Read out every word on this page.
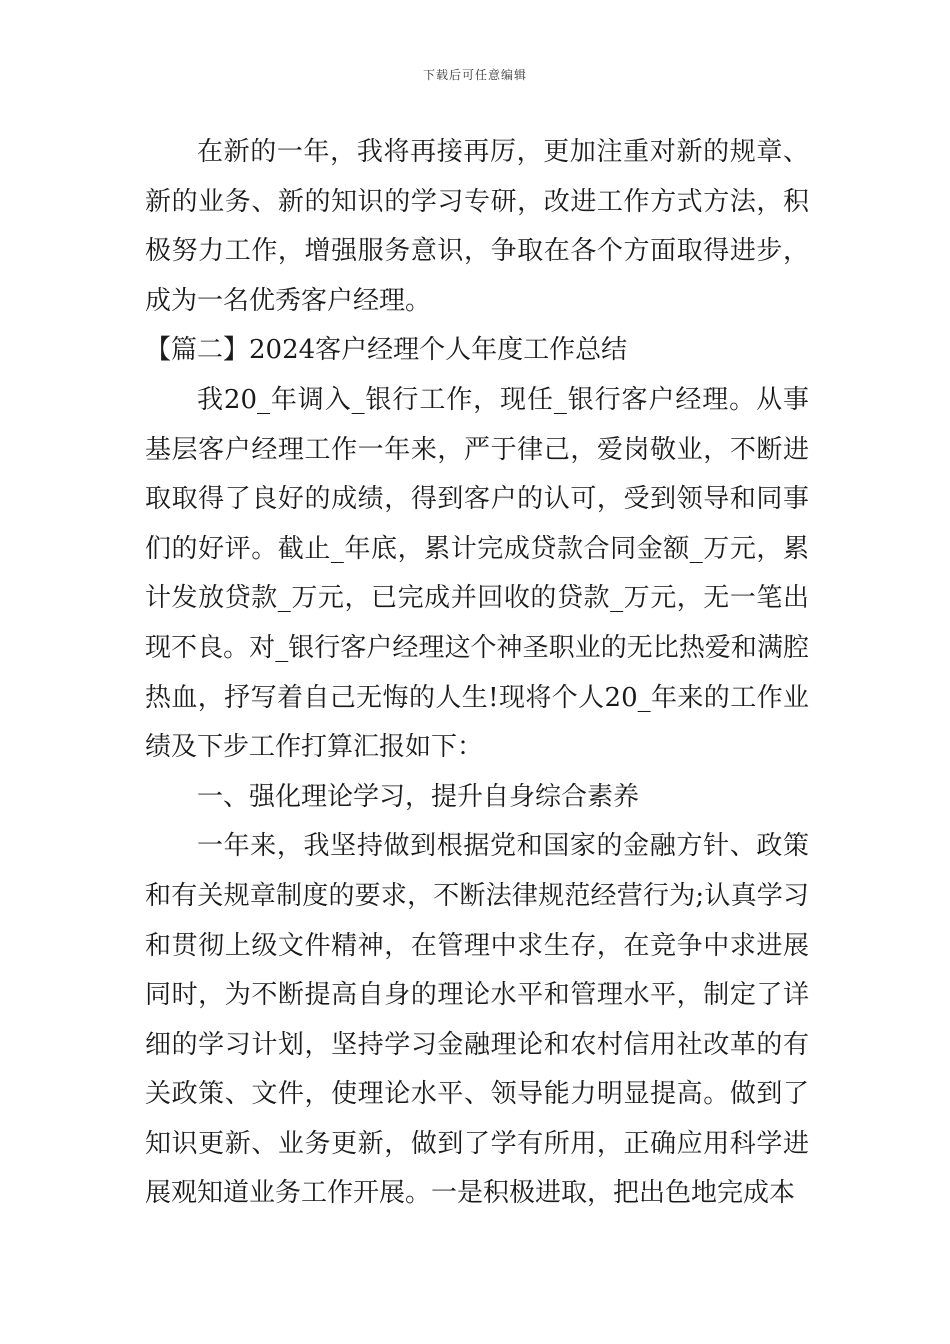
下载后可任意编辑

在新的一年，我将再接再厉，更加注重对新的规章、新的业务、新的知识的学习专研，改进工作方式方法，积极努力工作，增强服务意识，争取在各个方面取得进步，成为一名优秀客户经理。

【篇二】2024客户经理个人年度工作总结

我20_年调入_银行工作，现任_银行客户经理。从事基层客户经理工作一年来，严于律己，爱岗敬业，不断进取取得了良好的成绩，得到客户的认可，受到领导和同事们的好评。截止_年底，累计完成贷款合同金额_万元，累计发放贷款_万元，已完成并回收的贷款_万元，无一笔出现不良。对_银行客户经理这个神圣职业的无比热爱和满腔热血，抒写着自己无悔的人生!现将个人20_年来的工作业绩及下步工作打算汇报如下：

一、强化理论学习，提升自身综合素养

一年来，我坚持做到根据党和国家的金融方针、政策和有关规章制度的要求，不断法律规范经营行为;认真学习和贯彻上级文件精神，在管理中求生存，在竞争中求进展同时，为不断提高自身的理论水平和管理水平，制定了详细的学习计划，坚持学习金融理论和农村信用社改革的有关政策、文件，使理论水平、领导能力明显提高。做到了知识更新、业务更新，做到了学有所用，正确应用科学进展观知道业务工作开展。一是积极进取，把出色地完成本
